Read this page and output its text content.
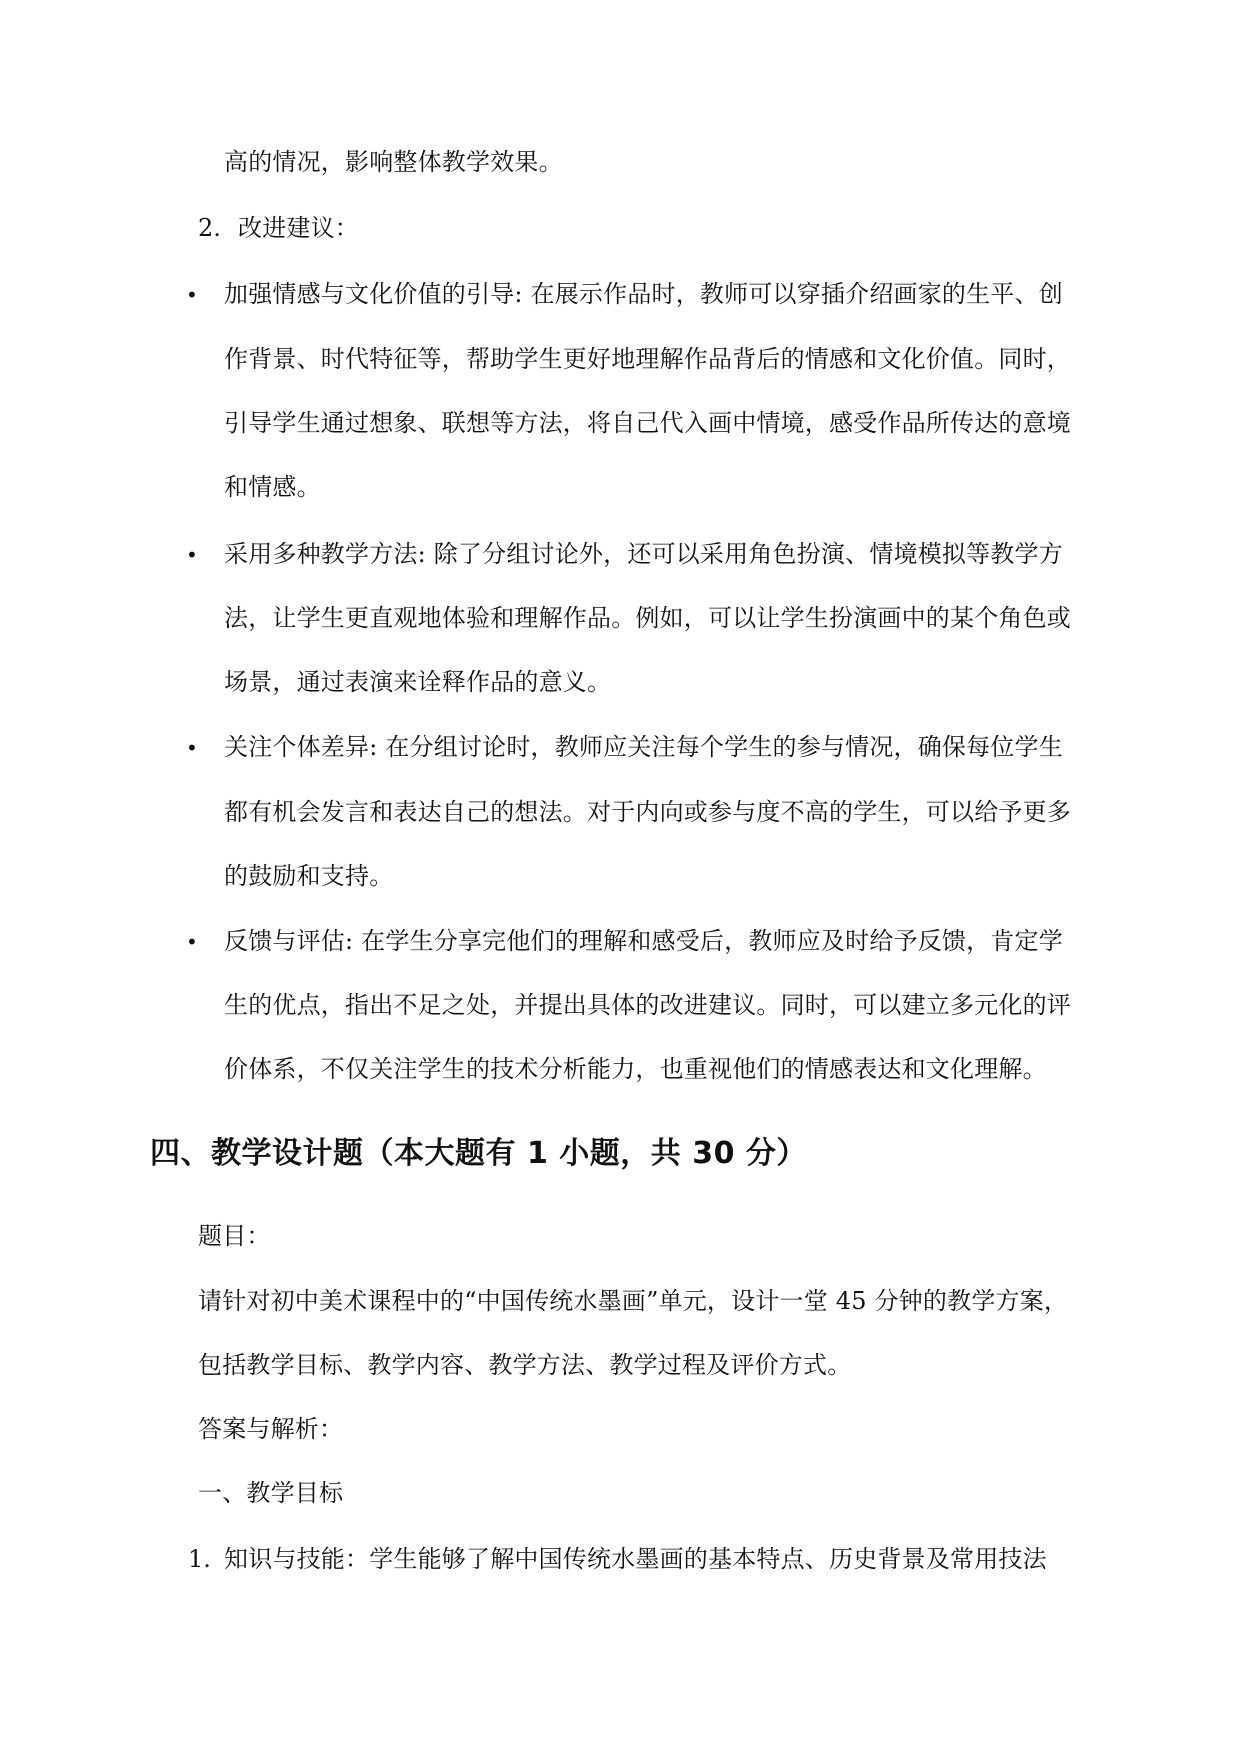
高的情况，影响整体教学效果。
2. 改进建议：
• 加强情感与文化价值的引导: 在展示作品时，教师可以穿插介绍画家的生平、创
作背景、时代特征等，帮助学生更好地理解作品背后的情感和文化价值。同时，
引导学生通过想象、联想等方法，将自己代入画中情境，感受作品所传达的意境
和情感。
• 采用多种教学方法: 除了分组讨论外，还可以采用角色扮演、情境模拟等教学方
法，让学生更直观地体验和理解作品。例如，可以让学生扮演画中的某个角色或
场景，通过表演来诠释作品的意义。
• 关注个体差异: 在分组讨论时，教师应关注每个学生的参与情况，确保每位学生
都有机会发言和表达自己的想法。对于内向或参与度不高的学生，可以给予更多
的鼓励和支持。
• 反馈与评估: 在学生分享完他们的理解和感受后，教师应及时给予反馈，肯定学
生的优点，指出不足之处，并提出具体的改进建议。同时，可以建立多元化的评
价体系，不仅关注学生的技术分析能力，也重视他们的情感表达和文化理解。
四、教学设计题（本大题有 1 小题，共 30 分）
题目：
请针对初中美术课程中的“中国传统水墨画”单元，设计一堂 45 分钟的教学方案，
包括教学目标、教学内容、教学方法、教学过程及评价方式。
答案与解析：
一、教学目标
1. 知识与技能：学生能够了解中国传统水墨画的基本特点、历史背景及常用技法
